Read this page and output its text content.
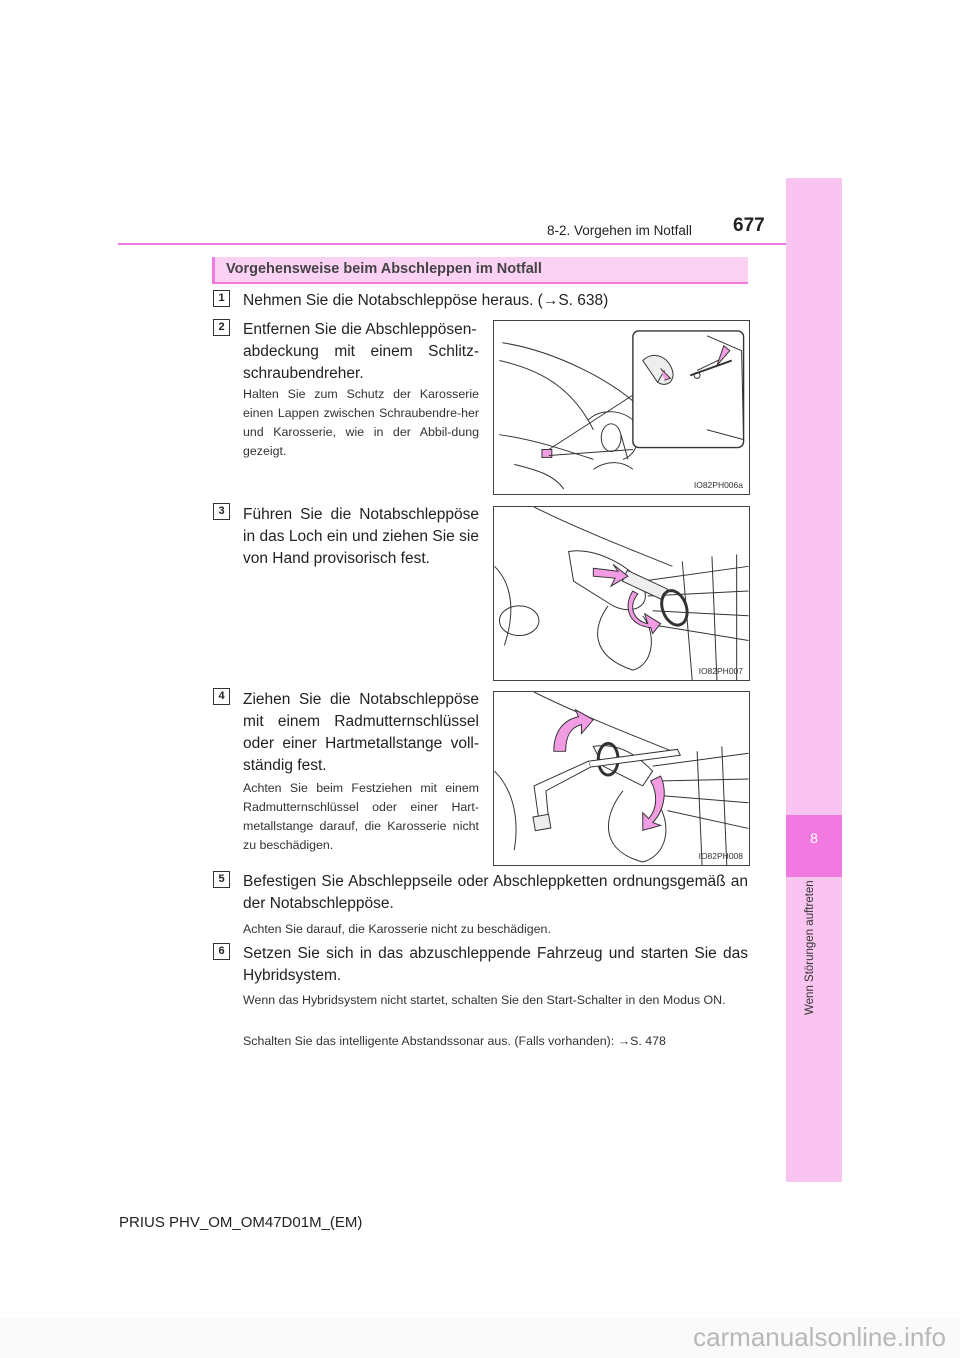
8
Wenn Störungen auftreten
8-2. Vorgehen im Notfall 677
Vorgehensweise beim Abschleppen im Notfall
1	Nehmen Sie die Notabschleppöse heraus. (→S. 638)
2	Entfernen Sie die Abschleppösen-
abdeckung mit einem Schlitz-
schraubendreher.
Halten Sie zum Schutz der Karosserie einen Lappen zwischen Schraubendre-her und Karosserie, wie in der Abbil-dung gezeigt.
IO82PH006a
3	Führen Sie die Notabschleppöse in das Loch ein und ziehen Sie sie von Hand provisorisch fest.
IO82PH007
4	Ziehen Sie die Notabschleppöse mit einem Radmutternschlüssel oder einer Hartmetallstange voll-ständig fest.
Achten Sie beim Festziehen mit einem Radmutternschlüssel oder einer Hart-metallstange darauf, die Karosserie nicht zu beschädigen.
IO82PH008
5	Befestigen Sie Abschleppseile oder Abschleppketten ordnungsgemäß an der Notabschleppöse.
Achten Sie darauf, die Karosserie nicht zu beschädigen.
6	Setzen Sie sich in das abzuschleppende Fahrzeug und starten Sie das Hybridsystem.
Wenn das Hybridsystem nicht startet, schalten Sie den Start-Schalter in den Modus ON.
Schalten Sie das intelligente Abstandssonar aus. (Falls vorhanden): →S. 478
PRIUS PHV_OM_OM47D01M_(EM)
carmanualsonline.info
